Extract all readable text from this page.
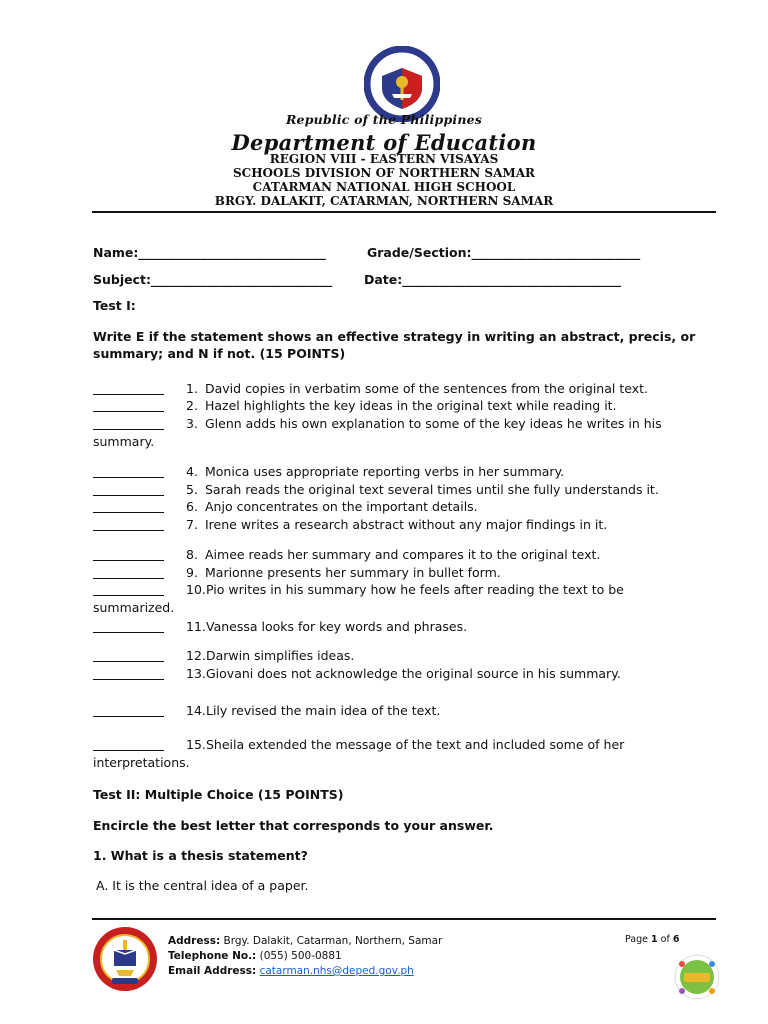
Republic of the Philippines
Department of Education
REGION VIII - EASTERN VISAYAS
SCHOOLS DIVISION OF NORTHERN SAMAR
CATARMAN NATIONAL HIGH SCHOOL
BRGY. DALAKIT, CATARMAN, NORTHERN SAMAR
Name:______________________________	Grade/Section:___________________________
Subject:_____________________________	Date:___________________________________
Test I:
Write E if the statement shows an effective strategy in writing an abstract, precis, or summary; and N if not. (15 POINTS)
1. David copies in verbatim some of the sentences from the original text.
2. Hazel highlights the key ideas in the original text while reading it.
3. Glenn adds his own explanation to some of the key ideas he writes in his
summary.
4. Monica uses appropriate reporting verbs in her summary.
5. Sarah reads the original text several times until she fully understands it.
6. Anjo concentrates on the important details.
7. Irene writes a research abstract without any major findings in it.
8. Aimee reads her summary and compares it to the original text.
9. Marionne presents her summary in bullet form.
10. Pio writes in his summary how he feels after reading the text to be
summarized.
11. Vanessa looks for key words and phrases.
12. Darwin simplifies ideas.
13. Giovani does not acknowledge the original source in his summary.
14. Lily revised the main idea of the text.
15. Sheila extended the message of the text and included some of her
interpretations.
Test II: Multiple Choice (15 POINTS)
Encircle the best letter that corresponds to your answer.
1. What is a thesis statement?
A. It is the central idea of a paper.
Address: Brgy. Dalakit, Catarman, Northern, Samar
Telephone No.: (055) 500-0881
Email Address: catarman.nhs@deped.gov.ph
Page 1 of 6
